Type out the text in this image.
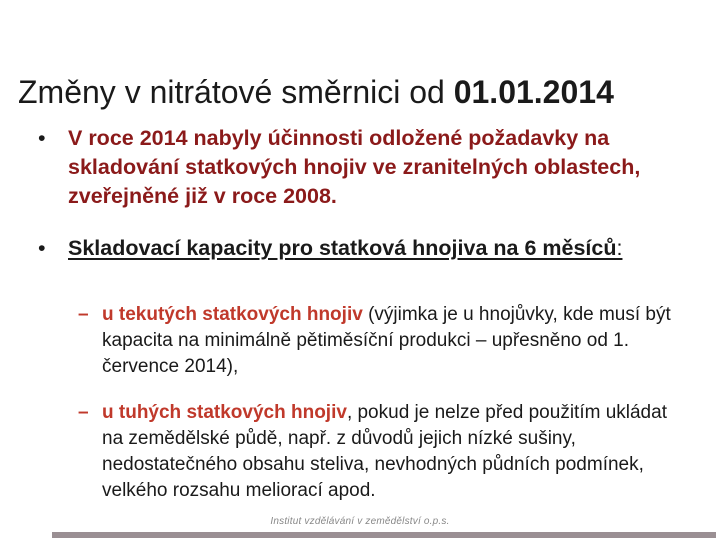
Změny v nitrátové směrnici od 01.01.2014
• V roce 2014 nabyly účinnosti odložené požadavky na skladování statkových hnojiv ve zranitelných oblastech, zveřejněné již v roce 2008.
• Skladovací kapacity pro statková hnojiva na 6 měsíců:
– u tekutých statkových hnojiv (výjimka je u hnojůvky, kde musí být kapacita na minimálně pětiměsíční produkci – upřesněno od 1. července 2014),
– u tuhých statkových hnojiv, pokud je nelze před použitím ukládat na zemědělské půdě, např. z důvodů jejich nízké sušiny, nedostatečného obsahu steliva, nevhodných půdních podmínek, velkého rozsahu meliorací apod.
Institut vzdělávání v zemědělství o.p.s.
